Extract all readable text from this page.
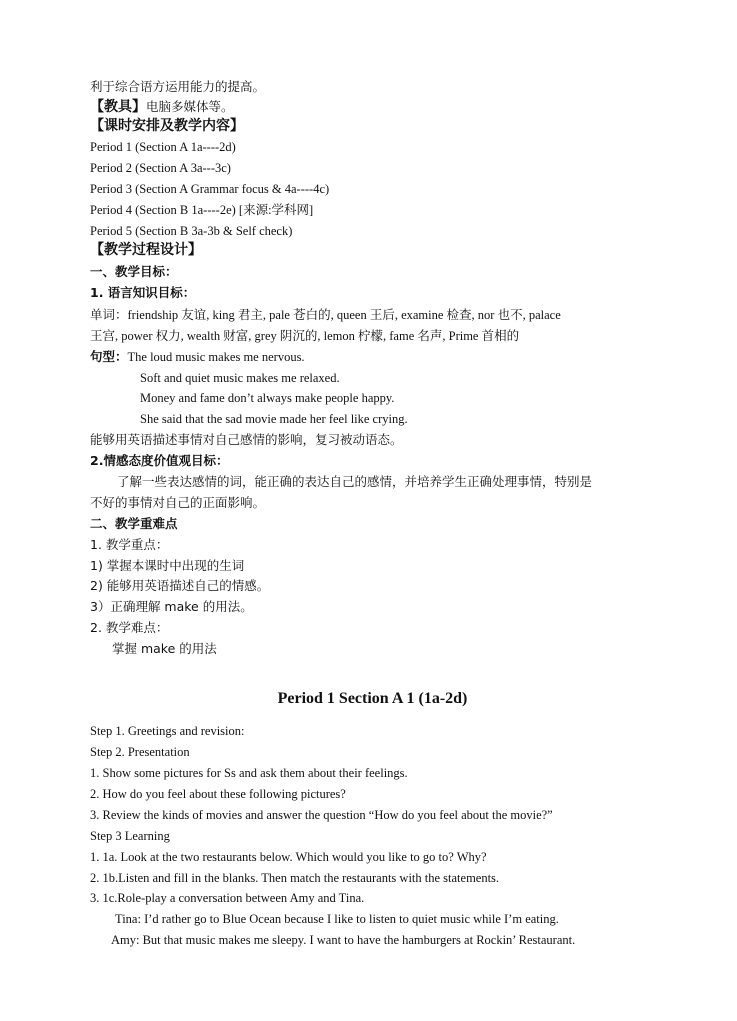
利于综合语方运用能力的提高。
【教具】电脑多媒体等。
【课时安排及教学内容】
Period 1 (Section A 1a----2d)
Period 2 (Section A 3a---3c)
Period 3 (Section A Grammar focus & 4a----4c)
Period 4 (Section B 1a----2e) [来源:学科网]
Period 5 (Section B 3a-3b & Self check)
【教学过程设计】
一、教学目标：
1. 语言知识目标：
单词：friendship 友谊, king 君主, pale 苍白的, queen 王后, examine 检查, nor 也不, palace
王宫, power 权力, wealth 财富, grey 阴沉的, lemon 柠檬, fame 名声, Prime 首相的
句型：The loud music makes me nervous.
Soft and quiet music makes me relaxed.
Money and fame don’t always make people happy.
She said that the sad movie made her feel like crying.
能够用英语描述事情对自己感情的影响，复习被动语态。
2.情感态度价值观目标：
了解一些表达感情的词，能正确的表达自己的感情，并培养学生正确处理事情，特别是
不好的事情对自己的正面影响。
二、教学重难点
1. 教学重点：
1) 掌握本课时中出现的生词
2) 能够用英语描述自己的情感。
3）正确理解 make 的用法。
2. 教学难点：
掌握 make 的用法
Period 1 Section A 1 (1a-2d)
Step 1. Greetings and revision:
Step 2. Presentation
1. Show some pictures for Ss and ask them about their feelings.
2. How do you feel about these following pictures?
3. Review the kinds of movies and answer the question “How do you feel about the movie?”
Step 3 Learning
1. 1a. Look at the two restaurants below. Which would you like to go to? Why?
2. 1b.Listen and fill in the blanks. Then match the restaurants with the statements.
3. 1c.Role-play a conversation between Amy and Tina.
Tina: I’d rather go to Blue Ocean because I like to listen to quiet music while I’m eating.
Amy: But that music makes me sleepy. I want to have the hamburgers at Rockin’ Restaurant.
